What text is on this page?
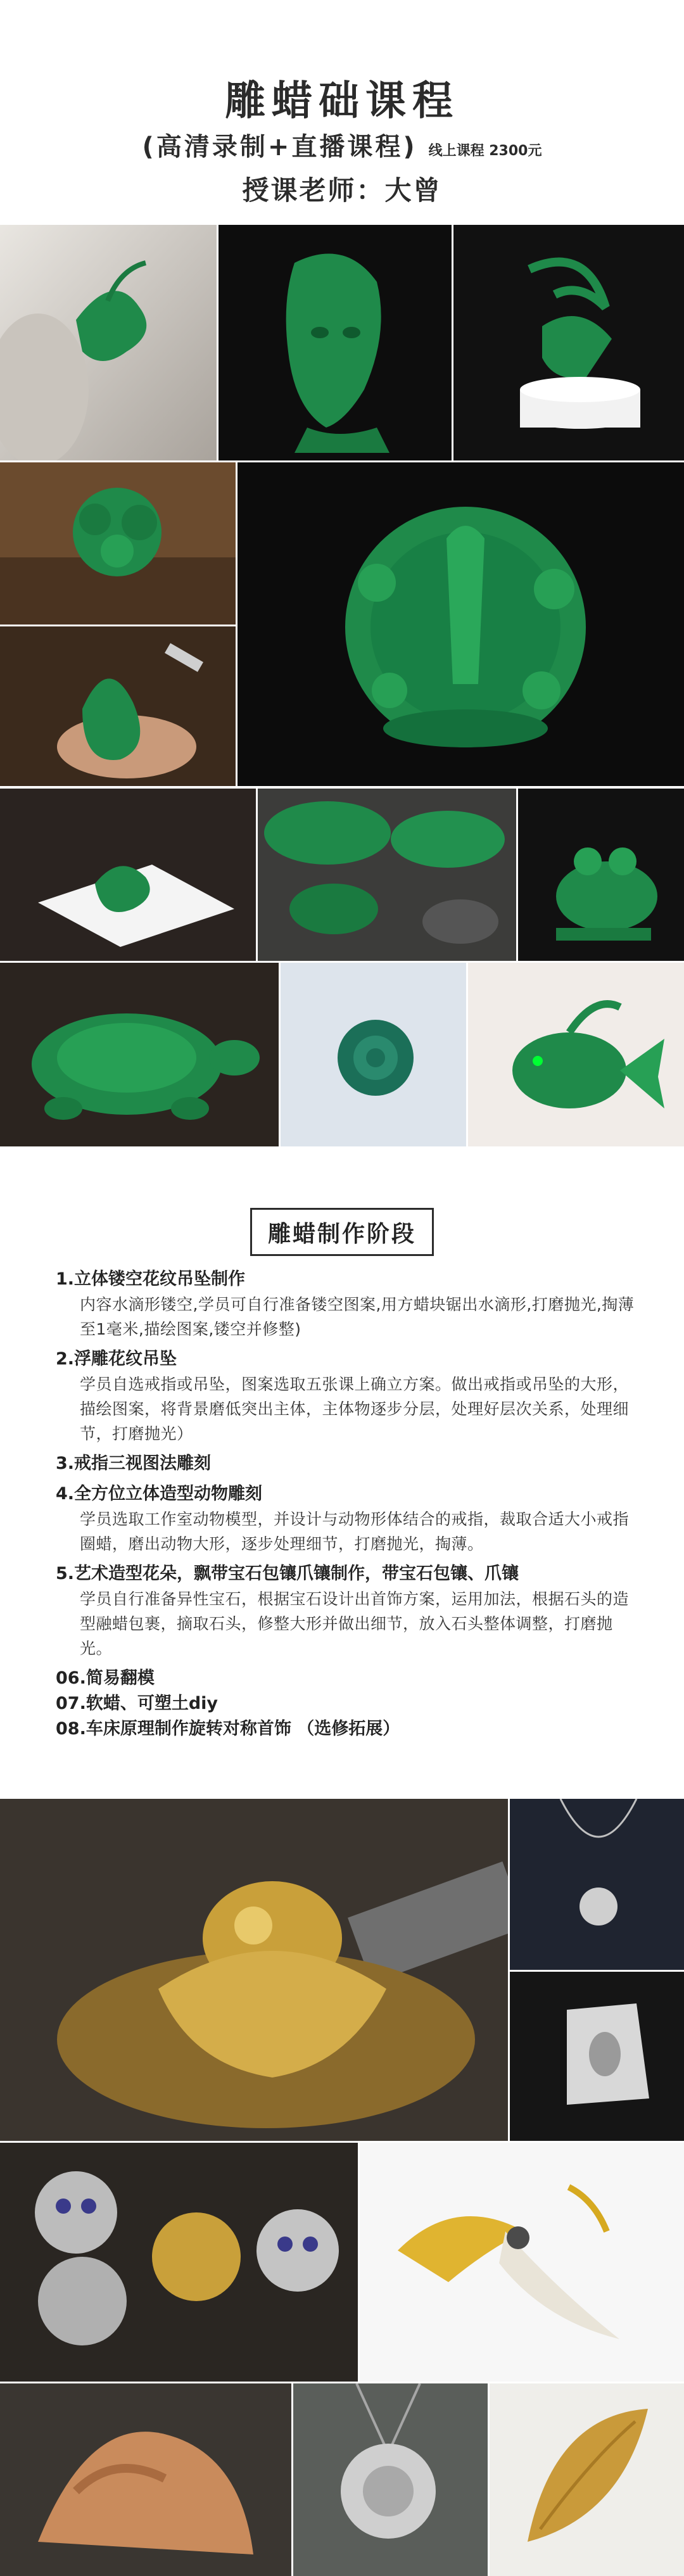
雕蜡础课程
(高清录制+直播课程) 线上课程 2300元
授课老师：大曾
雕蜡制作阶段
1.立体镂空花纹吊坠制作
内容水滴形镂空,学员可自行准备镂空图案,用方蜡块锯出水滴形,打磨抛光,掏薄至1毫米,描绘图案,镂空并修整)
2.浮雕花纹吊坠
学员自选戒指或吊坠，图案选取五张课上确立方案。做出戒指或吊坠的大形，描绘图案，将背景磨低突出主体，主体物逐步分层，处理好层次关系，处理细节，打磨抛光）
3.戒指三视图法雕刻
4.全方位立体造型动物雕刻
学员选取工作室动物模型，并设计与动物形体结合的戒指，裁取合适大小戒指圈蜡，磨出动物大形，逐步处理细节，打磨抛光，掏薄。
5.艺术造型花朵，飘带宝石包镶爪镶制作，带宝石包镶、爪镶
学员自行准备异性宝石，根据宝石设计出首饰方案，运用加法，根据石头的造型融蜡包裹，摘取石头，修整大形并做出细节，放入石头整体调整，打磨抛光。
06.简易翻模
07.软蜡、可塑土diy
08.车床原理制作旋转对称首饰 （选修拓展）
